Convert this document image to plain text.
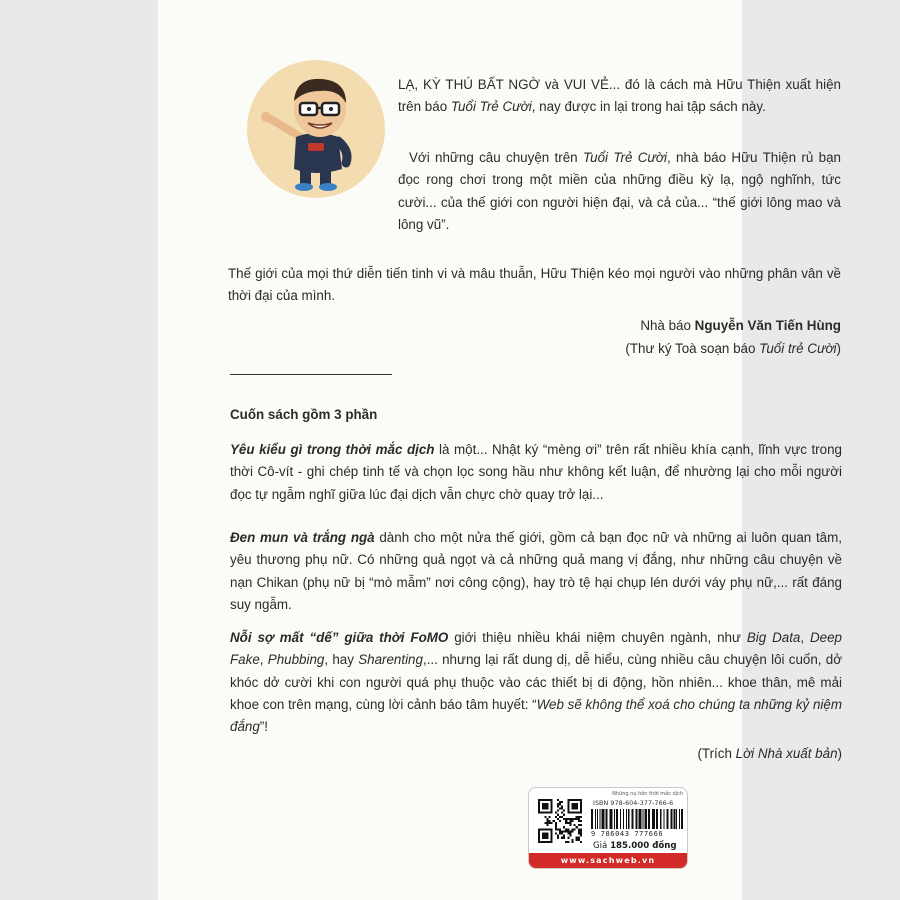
LẠ, KỲ THÚ BẤT NGỜ và VUI VẺ... đó là cách mà Hữu Thiện xuất hiện trên báo Tuổi Trẻ Cười, nay được in lại trong hai tập sách này.
Với những câu chuyện trên Tuổi Trẻ Cười, nhà báo Hữu Thiện rủ bạn đọc rong chơi trong một miền của những điều kỳ lạ, ngộ nghĩnh, tức cười... của thế giới con người hiện đại, và cả của... “thế giới lông mao và lông vũ”.
Thế giới của mọi thứ diễn tiến tinh vi và mâu thuẫn, Hữu Thiện kéo mọi người vào những phân vân về thời đại của mình.
Nhà báo Nguyễn Văn Tiến Hùng
(Thư ký Toà soạn báo Tuổi trẻ Cười)
Cuốn sách gồm 3 phần
Yêu kiểu gì trong thời mắc dịch là một... Nhật ký “mèng ơi” trên rất nhiều khía cạnh, lĩnh vực trong thời Cô-vít - ghi chép tinh tế và chọn lọc song hầu như không kết luận, để nhường lại cho mỗi người đọc tự ngẫm nghĩ giữa lúc đại dịch vẫn chực chờ quay trở lại...
Đen mun và trắng ngà dành cho một nửa thế giới, gồm cả bạn đọc nữ và những ai luôn quan tâm, yêu thương phụ nữ. Có những quả ngọt và cả những quả mang vị đắng, như những câu chuyện về nạn Chikan (phụ nữ bị “mò mẫm” nơi công cộng), hay trò tệ hại chụp lén dưới váy phụ nữ,... rất đáng suy ngẫm.
Nỗi sợ mất “dế” giữa thời FoMO giới thiệu nhiều khái niệm chuyên ngành, như Big Data, Deep Fake, Phubbing, hay Sharenting,... nhưng lại rất dung dị, dễ hiểu, cùng nhiều câu chuyện lôi cuốn, dở khóc dở cười khi con người quá phụ thuộc vào các thiết bị di động, hồn nhiên... khoe thân, mê mải khoe con trên mạng, cùng lời cảnh báo tâm huyết: “Web sẽ không thể xoá cho chúng ta những kỷ niệm đắng”!
(Trích Lời Nhà xuất bản)
Những nụ hôn thời mắc dịch
ISBN 978-604-377-766-6
9 786043 777666
Giá 185.000 đồng
www.sachweb.vn
